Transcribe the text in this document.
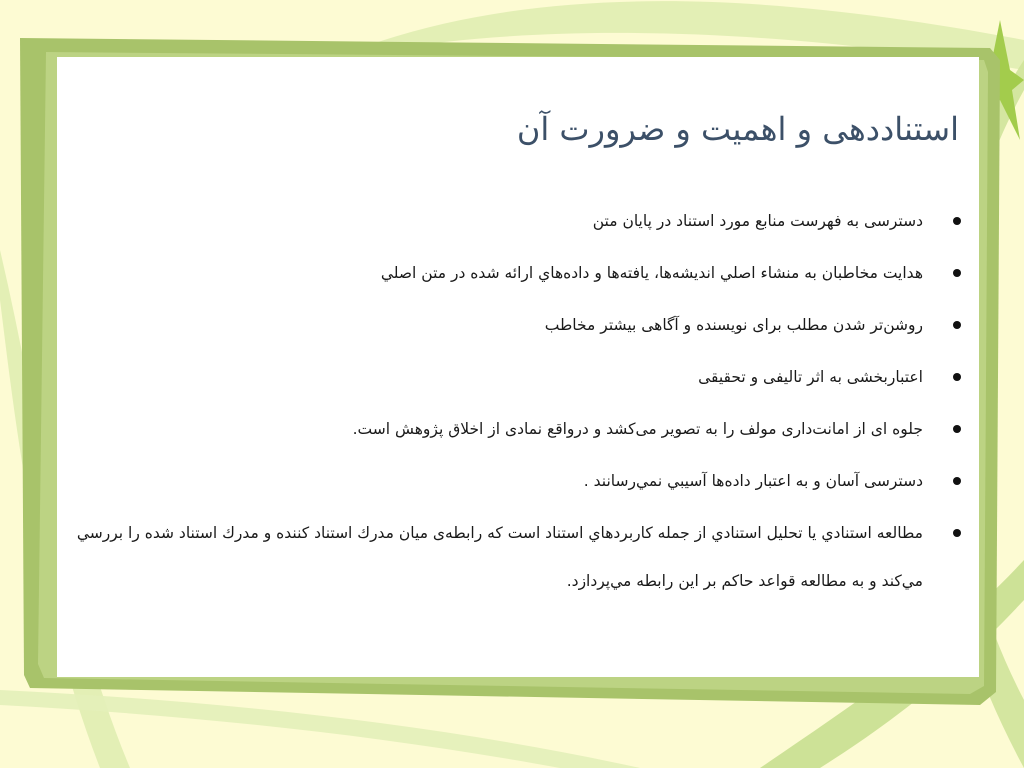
استناددهی و اهمیت و ضرورت آن
دسترسی به فهرست منابع مورد استناد در پایان متن
هدايت مخاطبان به منشاء اصلي انديشه‌ها، يافته‌ها و داده‌هاي ارائه شده در متن اصلي
روشن‌تر شدن مطلب برای نویسنده و آگاهی بیشتر مخاطب
اعتباربخشی به اثر تالیفی و تحقیقی
جلوه ای از امانت‌داری مولف را به تصویر می‌کشد و درواقع نمادی از اخلاق پژوهش است.
دسترسی آسان و به اعتبار داده‌ها آسيبي نمي‌رسانند .
مطالعه استنادي يا تحليل استنادي از جمله كاربردهاي استناد است كه رابطه‌ی ميان مدرك استناد كننده و مدرك استناد شده را بررسي مي‌كند و به مطالعه قواعد حاكم بر اين رابطه مي‌پردازد.
